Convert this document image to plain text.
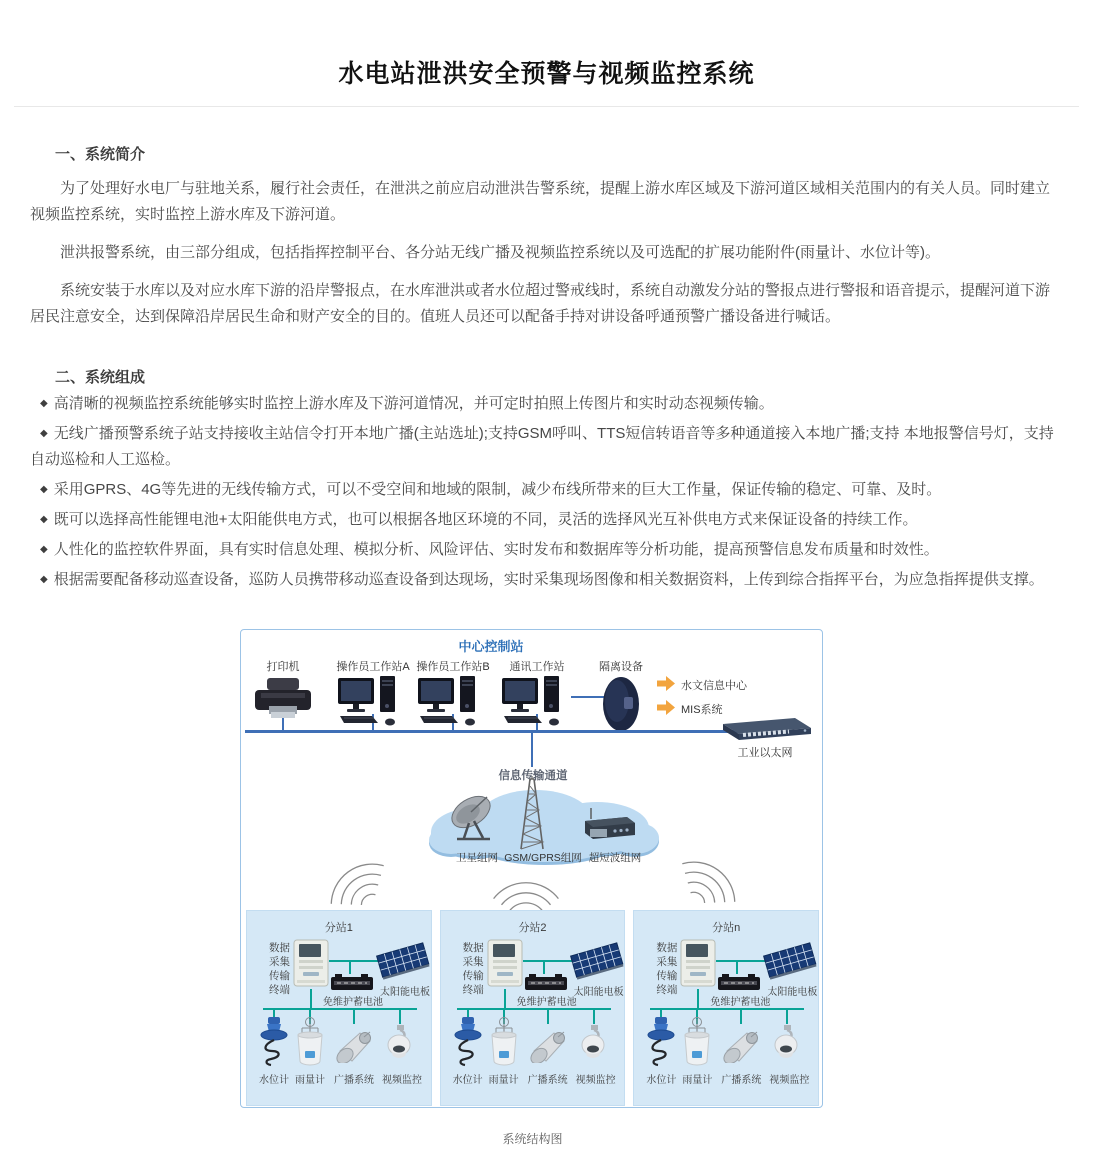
水电站泄洪安全预警与视频监控系统
一、系统简介

为了处理好水电厂与驻地关系，履行社会责任，在泄洪之前应启动泄洪告警系统，提醒上游水库区域及下游河道区域相关范围内的有关人员。同时建立视频监控系统，实时监控上游水库及下游河道。

泄洪报警系统，由三部分组成，包括指挥控制平台、各分站无线广播及视频监控系统以及可选配的扩展功能附件(雨量计、水位计等)。

系统安装于水库以及对应水库下游的沿岸警报点，在水库泄洪或者水位超过警戒线时，系统自动激发分站的警报点进行警报和语音提示，提醒河道下游居民注意安全，达到保障沿岸居民生命和财产安全的目的。值班人员还可以配备手持对讲设备呼通预警广播设备进行喊话。

二、系统组成

◆ 高清晰的视频监控系统能够实时监控上游水库及下游河道情况，并可定时拍照上传图片和实时动态视频传输。

◆ 无线广播预警系统子站支持接收主站信令打开本地广播(主站选址);支持GSM呼叫、TTS短信转语音等多种通道接入本地广播;支持 本地报警信号灯，支持自动巡检和人工巡检。

◆ 采用GPRS、4G等先进的无线传输方式，可以不受空间和地域的限制，减少布线所带来的巨大工作量，保证传输的稳定、可靠、及时。

◆ 既可以选择高性能锂电池+太阳能供电方式，也可以根据各地区环境的不同，灵活的选择风光互补供电方式来保证设备的持续工作。

◆ 人性化的监控软件界面，具有实时信息处理、模拟分析、风险评估、实时发布和数据库等分析功能，提高预警信息发布质量和时效性。

◆ 根据需要配备移动巡查设备，巡防人员携带移动巡查设备到达现场，实时采集现场图像和相关数据资料，上传到综合指挥平台，为应急指挥提供支撑。

中心控制站
打印机	操作员工作站A 操作员工作站B	通讯工作站	隔离设备
水文信息中心
MIS系统
工业以太网
信息传输通道
卫星组网 GSM/GPRS组网 超短波组网
分站1
数据
采集
传输
终端
免维护蓄电池
太阳能电板
水位计 雨量计 广播系统 视频监控
分站2
数据
采集
传输
终端
免维护蓄电池
太阳能电板
水位计 雨量计 广播系统 视频监控
分站n
数据
采集
传输
终端
免维护蓄电池
太阳能电板
水位计 雨量计 广播系统 视频监控
系统结构图
